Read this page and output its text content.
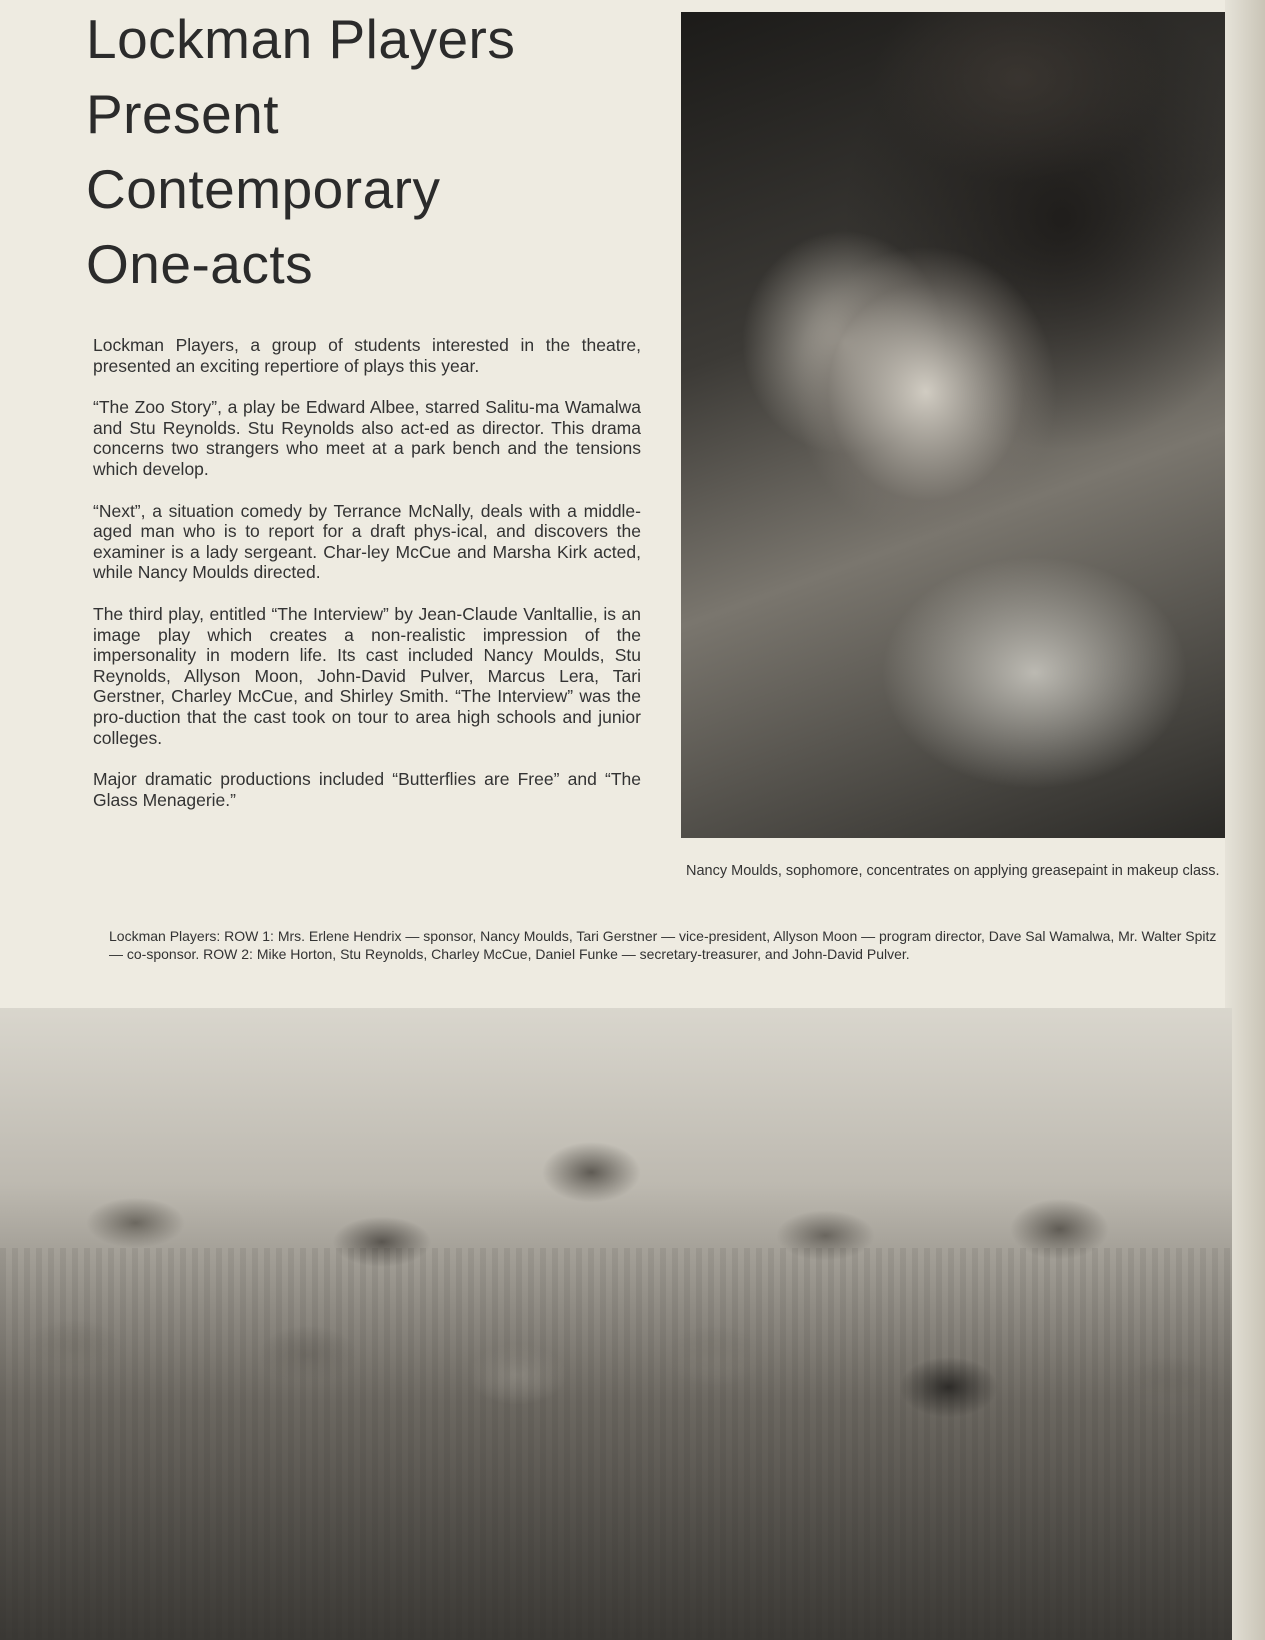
Lockman Players
Present
Contemporary
One-acts

Lockman Players, a group of students interested in the theatre, presented an exciting repertiore of plays this year.

“The Zoo Story”, a play be Edward Albee, starred Salitu-ma Wamalwa and Stu Reynolds. Stu Reynolds also act-ed as director. This drama concerns two strangers who meet at a park bench and the tensions which develop.

“Next”, a situation comedy by Terrance McNally, deals with a middle-aged man who is to report for a draft phys-ical, and discovers the examiner is a lady sergeant. Char-ley McCue and Marsha Kirk acted, while Nancy Moulds directed.

The third play, entitled “The Interview” by Jean-Claude Vanltallie, is an image play which creates a non-realistic impression of the impersonality in modern life. Its cast included Nancy Moulds, Stu Reynolds, Allyson Moon, John-David Pulver, Marcus Lera, Tari Gerstner, Charley McCue, and Shirley Smith. “The Interview” was the pro-duction that the cast took on tour to area high schools and junior colleges.

Major dramatic productions included “Butterflies are Free” and “The Glass Menagerie.”

Nancy Moulds, sophomore, concentrates on applying greasepaint in makeup class.
Lockman Players: ROW 1: Mrs. Erlene Hendrix — sponsor, Nancy Moulds, Tari Gerstner — vice-president, Allyson Moon — program director, Dave Sal Wamalwa, Mr. Walter Spitz — co-sponsor. ROW 2: Mike Horton, Stu Reynolds, Charley McCue, Daniel Funke — secretary-treasurer, and John-David Pulver.
